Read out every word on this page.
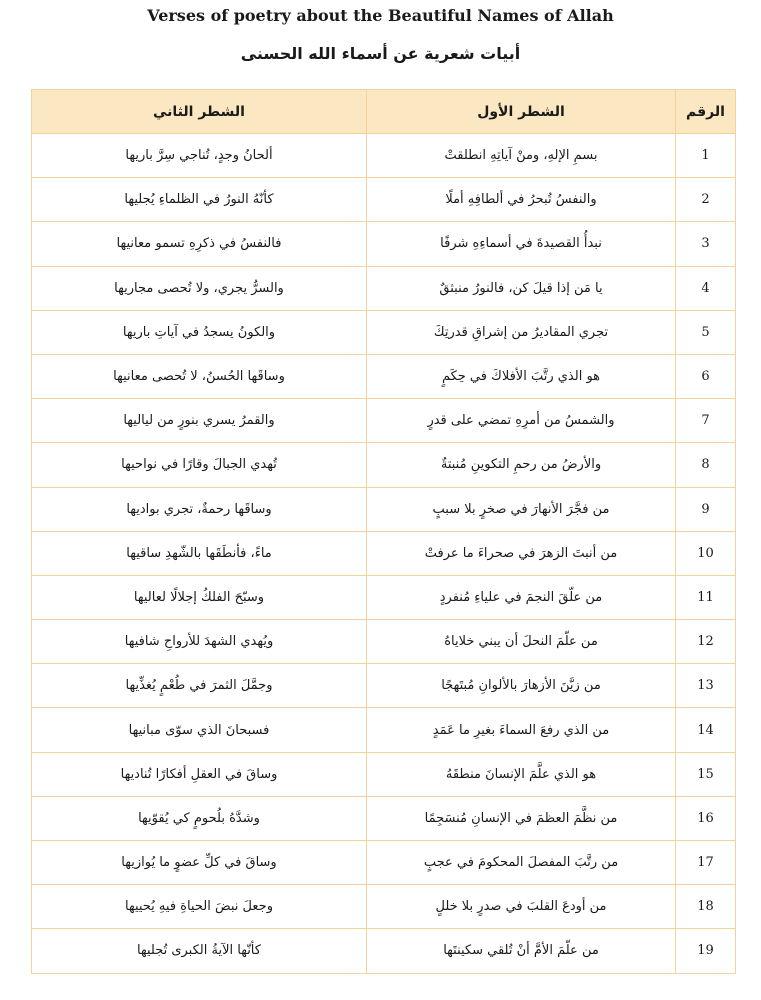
Verses of poetry about the Beautiful Names of Allah
أبيات شعرية عن أسماء الله الحسنى
الرقم	الشطر الأول	الشطر الثاني
1	بسمِ الإلهِ، ومنْ آياتِهِ انطلقتْ	ألحانُ وجدٍ، تُناجي سِرَّ باريها
2	والنفسُ تُبحرُ في ألطافِهِ أملًا	كأنّهُ النورُ في الظلماءِ يُجليها
3	نبدأُ القصيدةَ في أسماءِهِ شرفًا	فالنفسُ في ذكرِهِ تسمو معانيها
4	يا مَن إذا قيلَ كن، فالنورُ منبثقٌ	والسرُّ يجري، ولا تُحصى مجاريها
5	تجري المقاديرُ من إشراقِ قدرتِكَ	والكونُ يسجدُ في آياتِ باريها
6	هو الذي رتَّبَ الأفلاكَ في حِكَمٍ	وساقَها الحُسنُ، لا تُحصى معانيها
7	والشمسُ من أمرِهِ تمضي على قدرٍ	والقمرُ يسري بنورٍ من لياليها
8	والأرضُ من رحمِ التكوينِ مُنبتةٌ	تُهدي الجبالَ وقارًا في نواحيها
9	من فجَّرَ الأنهارَ في صخرٍ بلا سببٍ	وساقَها رحمةٌ، تجري بواديها
10	من أنبتَ الزهرَ في صحراءَ ما عرفتْ	ماءً، فأنطَقَها بالشّهدِ ساقيها
11	من علّقَ النجمَ في علياءِ مُنفردٍ	وسبّحَ الفلكُ إجلالًا لعاليها
12	من علّمَ النحلَ أن يبني خلاياهُ	ويُهدي الشهدَ للأرواحِ شافيها
13	من زيَّنَ الأزهارَ بالألوانِ مُبتَهجًا	وجمَّلَ الثمرَ في طُعْمٍ يُغذِّيها
14	من الذي رفعَ السماءَ بغيرِ ما عَمَدٍ	فسبحانَ الذي سوّى مبانيها
15	هو الذي علَّمَ الإنسانَ منطقَهُ	وساقَ في العقلِ أفكارًا تُناديها
16	من نظَّمَ العظمَ في الإنسانِ مُنسَجِمًا	وشدَّهُ بلُحومٍ كي يُقوّيها
17	من رتَّبَ المفصلَ المحكومَ في عجبٍ	وساقَ في كلِّ عضوٍ ما يُوازيها
18	من أودعَ القلبَ في صدرٍ بلا خللٍ	وجعلَ نبضَ الحياةِ فيهِ يُحييها
19	من علّمَ الأمَّ أنْ تُلقي سكينتَها	كأنّها الآيةُ الكبرى تُجليها
